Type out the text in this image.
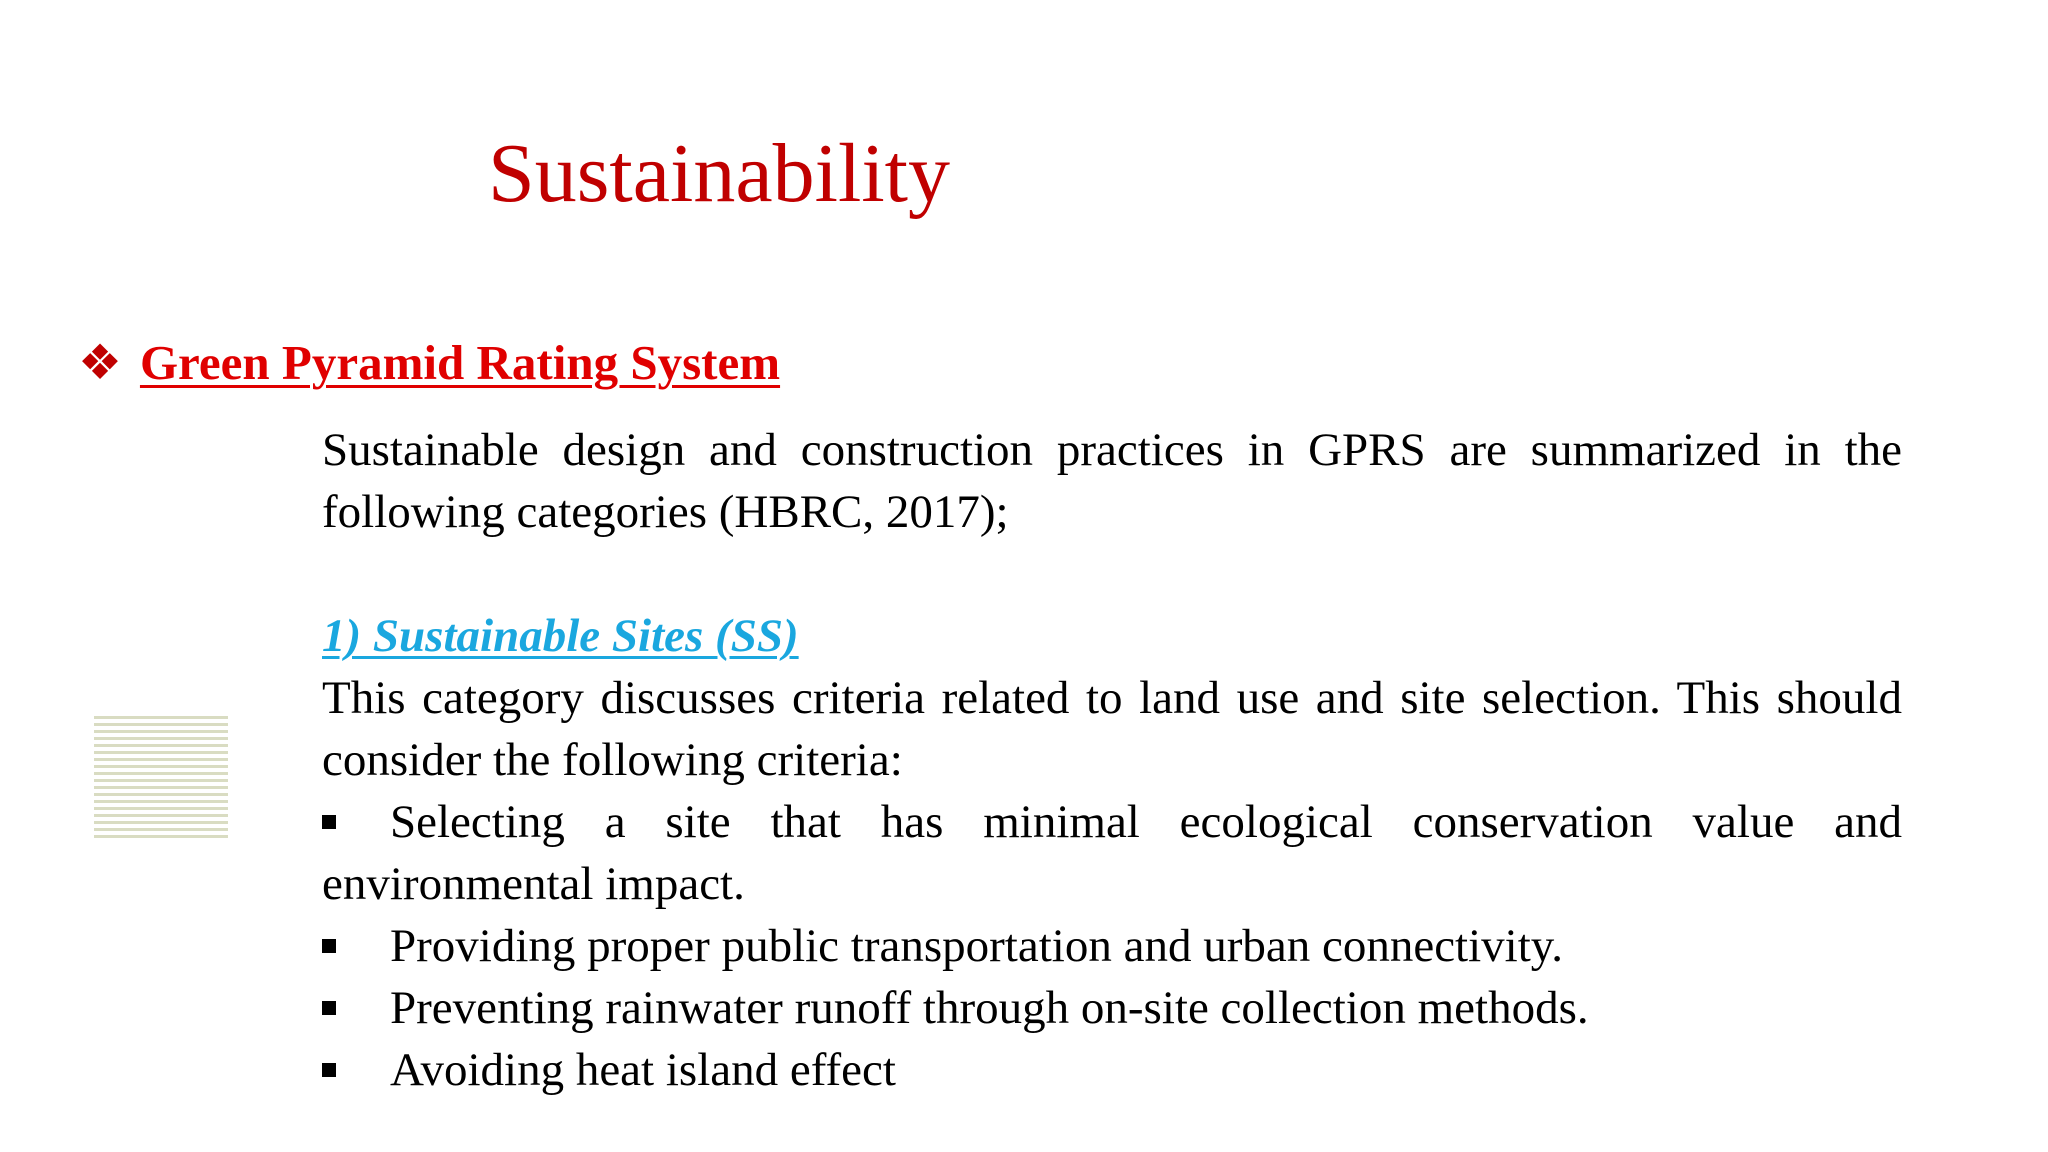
Sustainability
❖ Green Pyramid Rating System

Sustainable design and construction practices in GPRS are summarized in the following categories (HBRC, 2017);

1) Sustainable Sites (SS)

This category discusses criteria related to land use and site selection. This should consider the following criteria:

Selecting a site that has minimal ecological conservation value and environmental impact.
Providing proper public transportation and urban connectivity.
Preventing rainwater runoff through on-site collection methods.
Avoiding heat island effect
